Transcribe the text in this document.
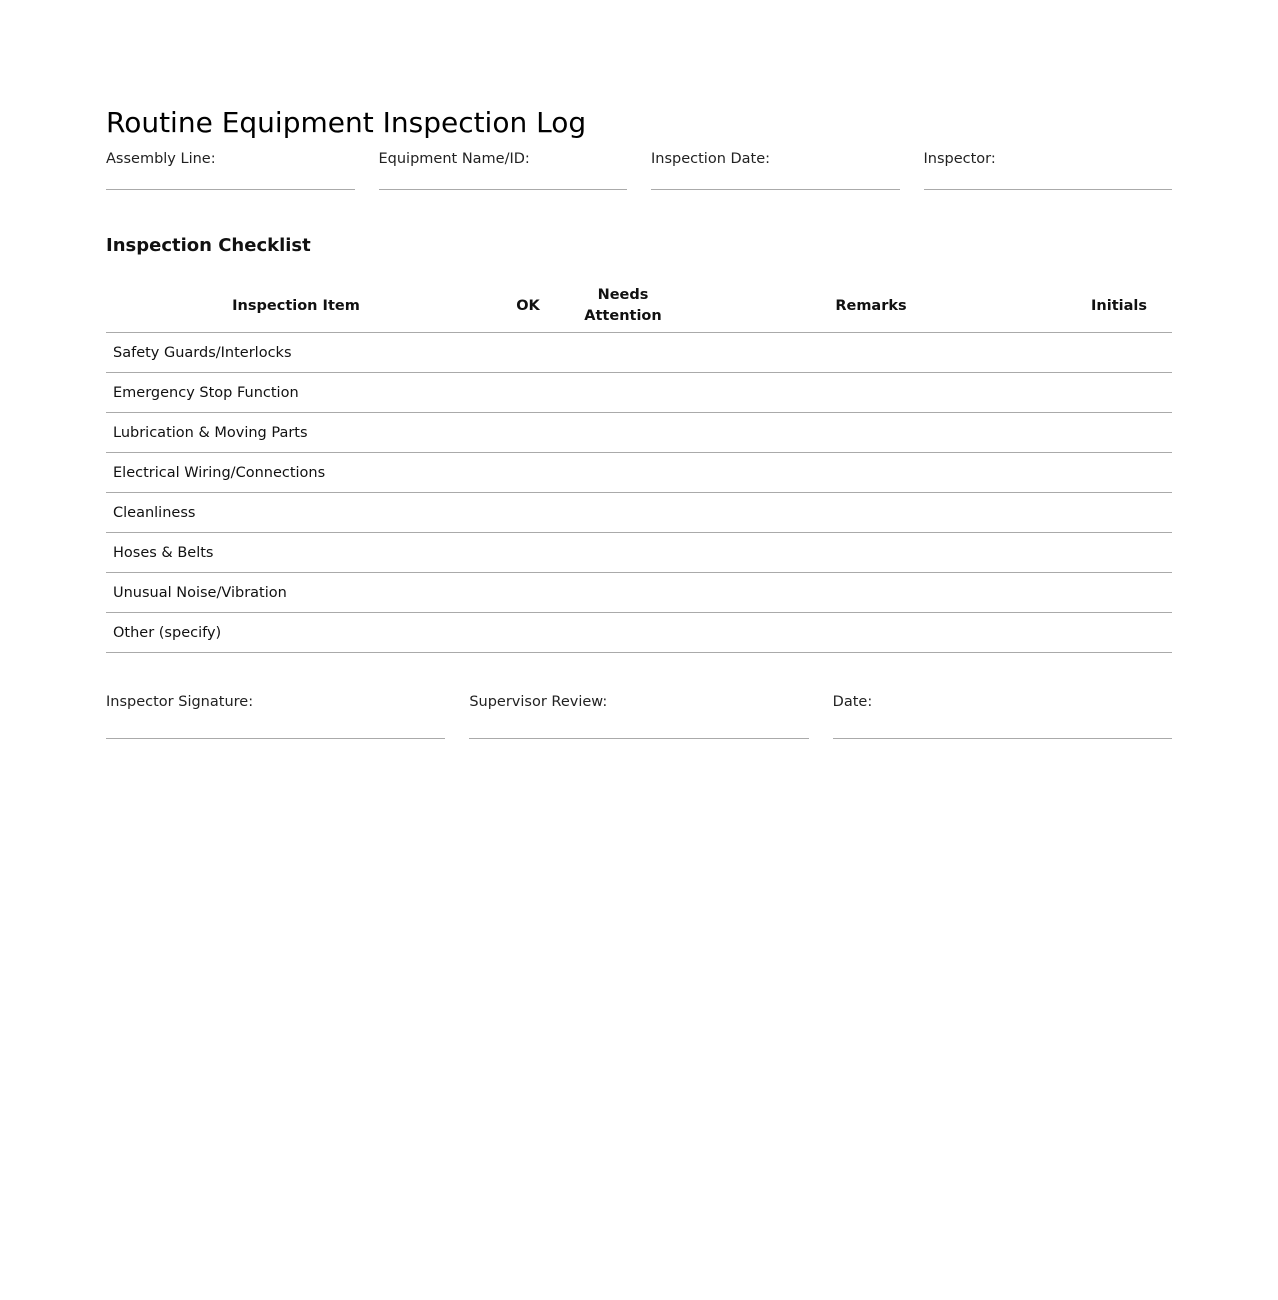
Routine Equipment Inspection Log
Assembly Line:	Equipment Name/ID:	Inspection Date:	Inspector:
Inspection Checklist
Inspection Item	OK	Needs Attention	Remarks	Initials
Safety Guards/Interlocks				
Emergency Stop Function				
Lubrication & Moving Parts				
Electrical Wiring/Connections				
Cleanliness				
Hoses & Belts				
Unusual Noise/Vibration				
Other (specify)				
Inspector Signature:	Supervisor Review:	Date:
